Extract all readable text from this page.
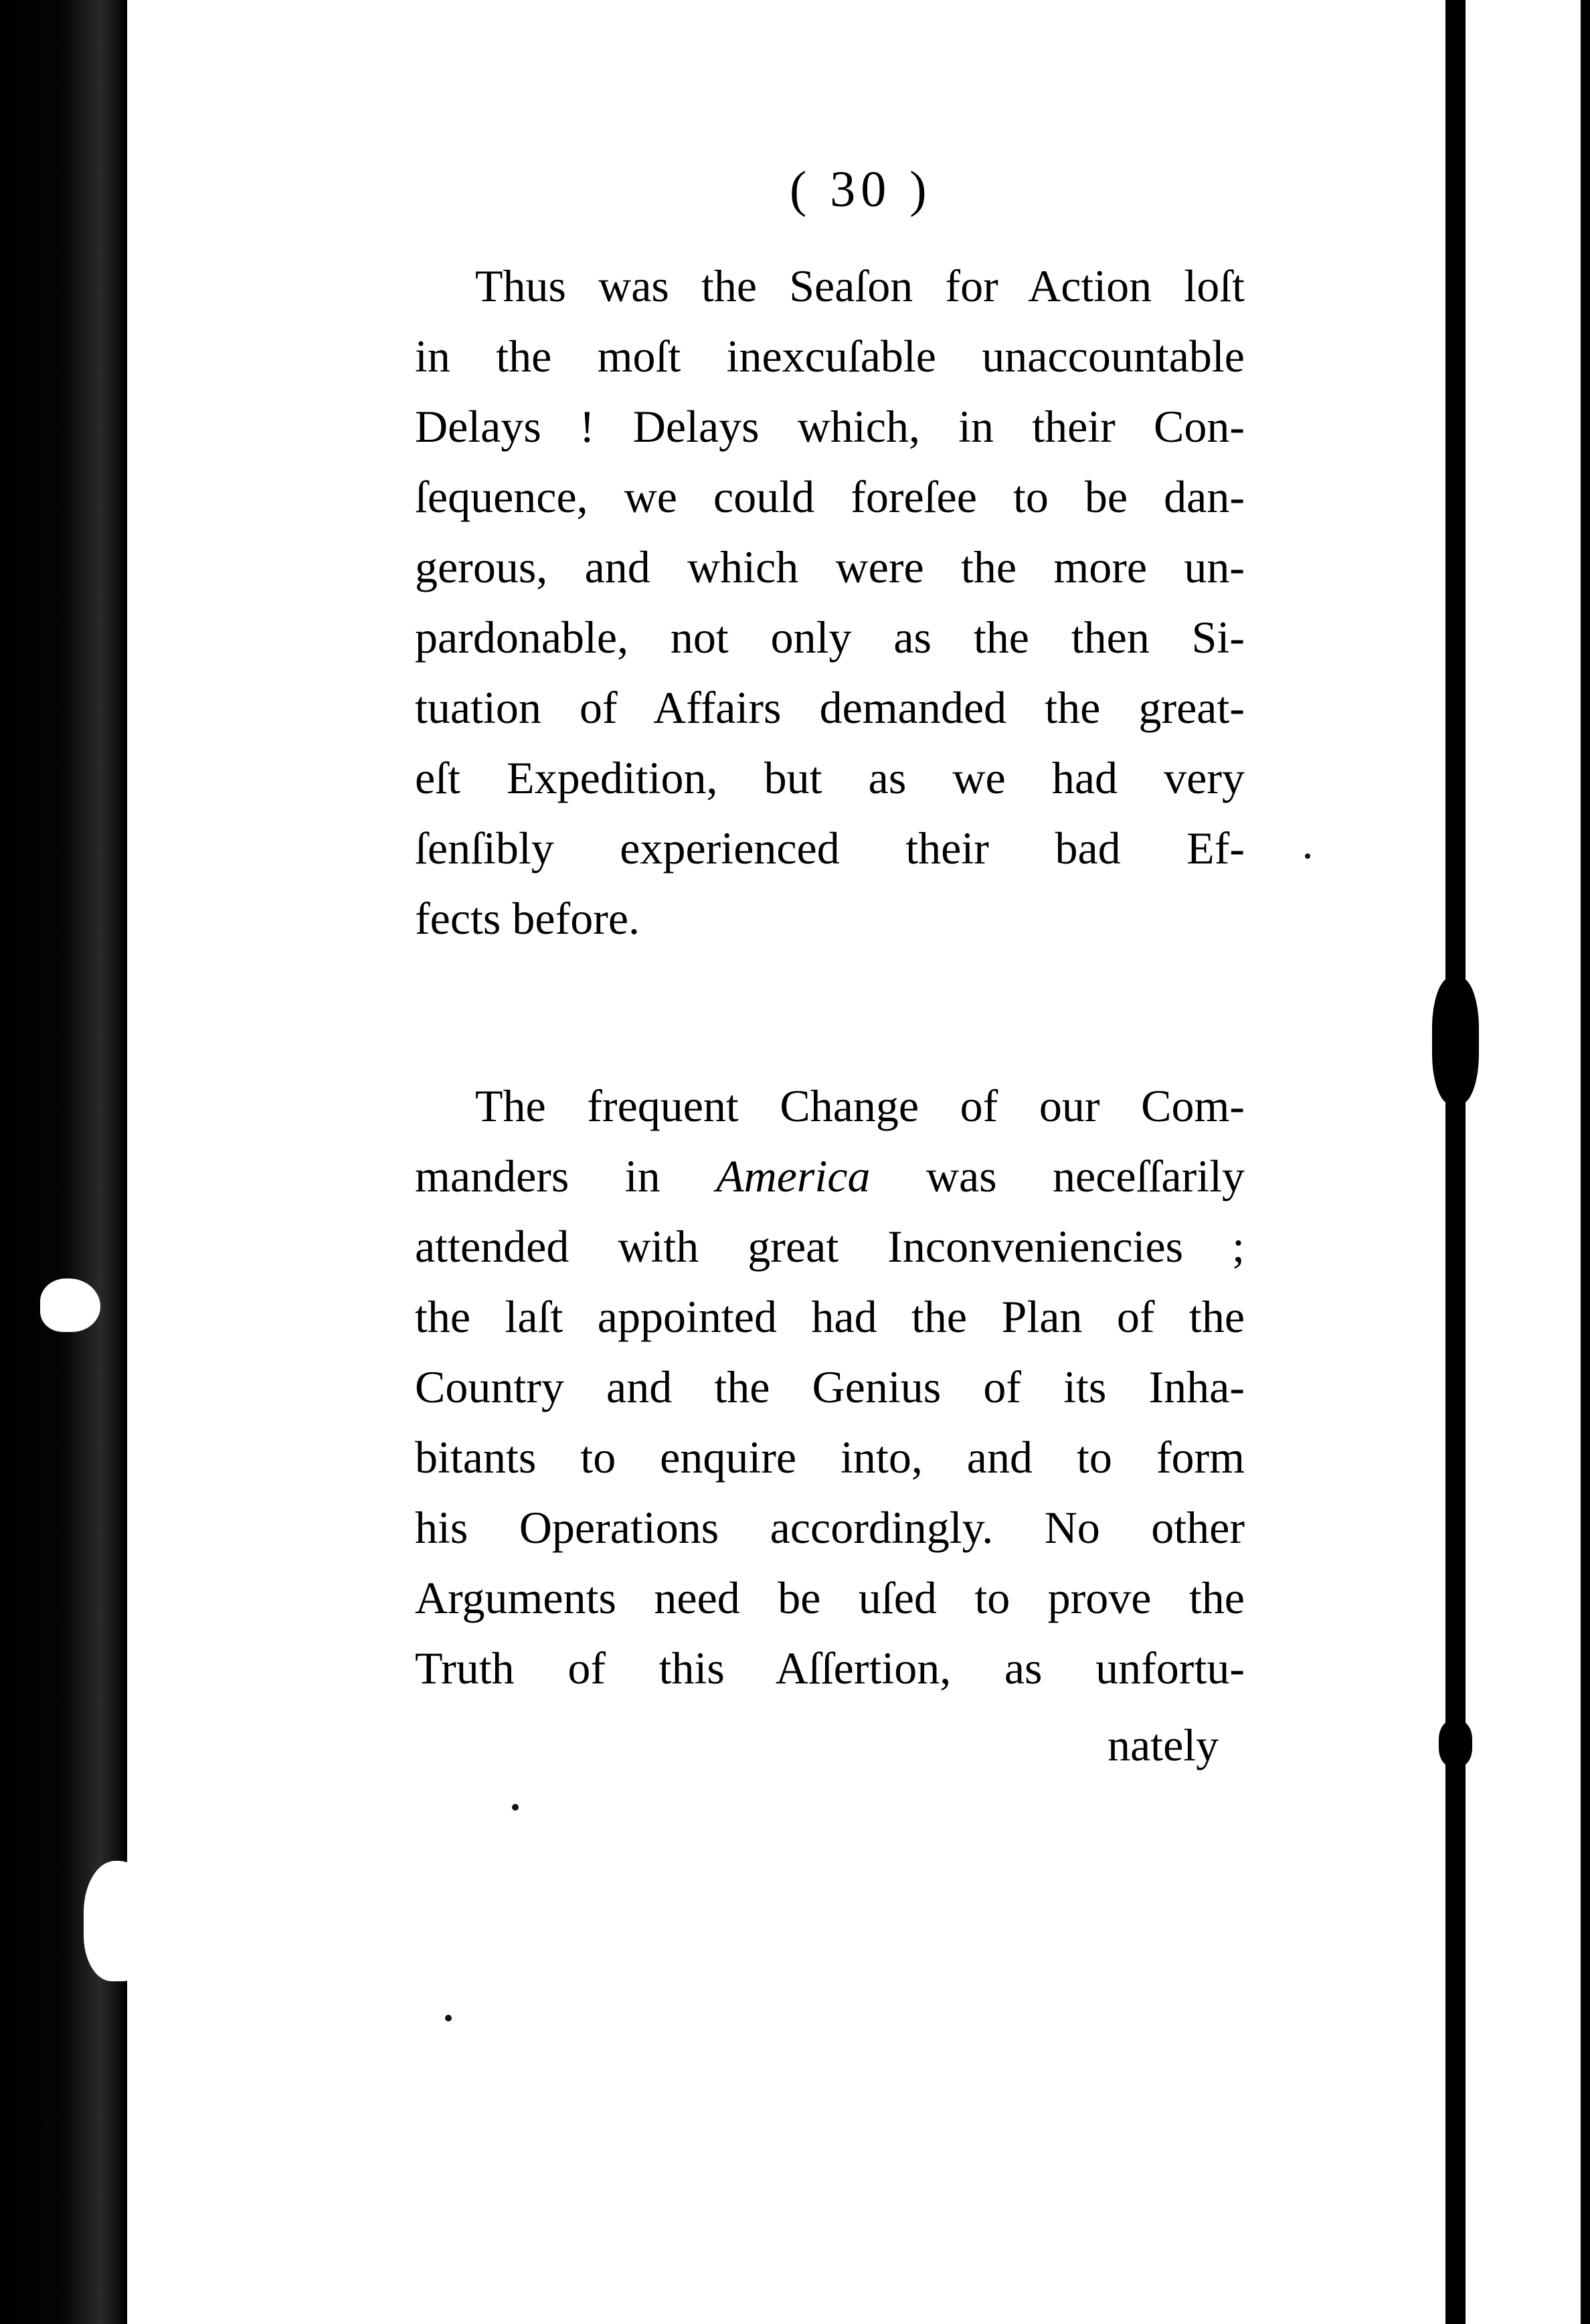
( 30 )
Thus was the Seaſon for Action loſt
in the moſt inexcuſable unaccountable
Delays ! Delays which, in their Con-
ſequence, we could foreſee to be dan-
gerous, and which were the more un-
pardonable, not only as the then Si-
tuation of Affairs demanded the great-
eſt Expedition, but as we had very
ſenſibly experienced their bad Ef-
fects before.
The frequent Change of our Com-
manders in America was neceſſarily
attended with great Inconveniencies ;
the laſt appointed had the Plan of the
Country and the Genius of its Inha-
bitants to enquire into, and to form
his Operations accordingly. No other
Arguments need be uſed to prove the
Truth of this Aſſertion, as unfortu-
nately
